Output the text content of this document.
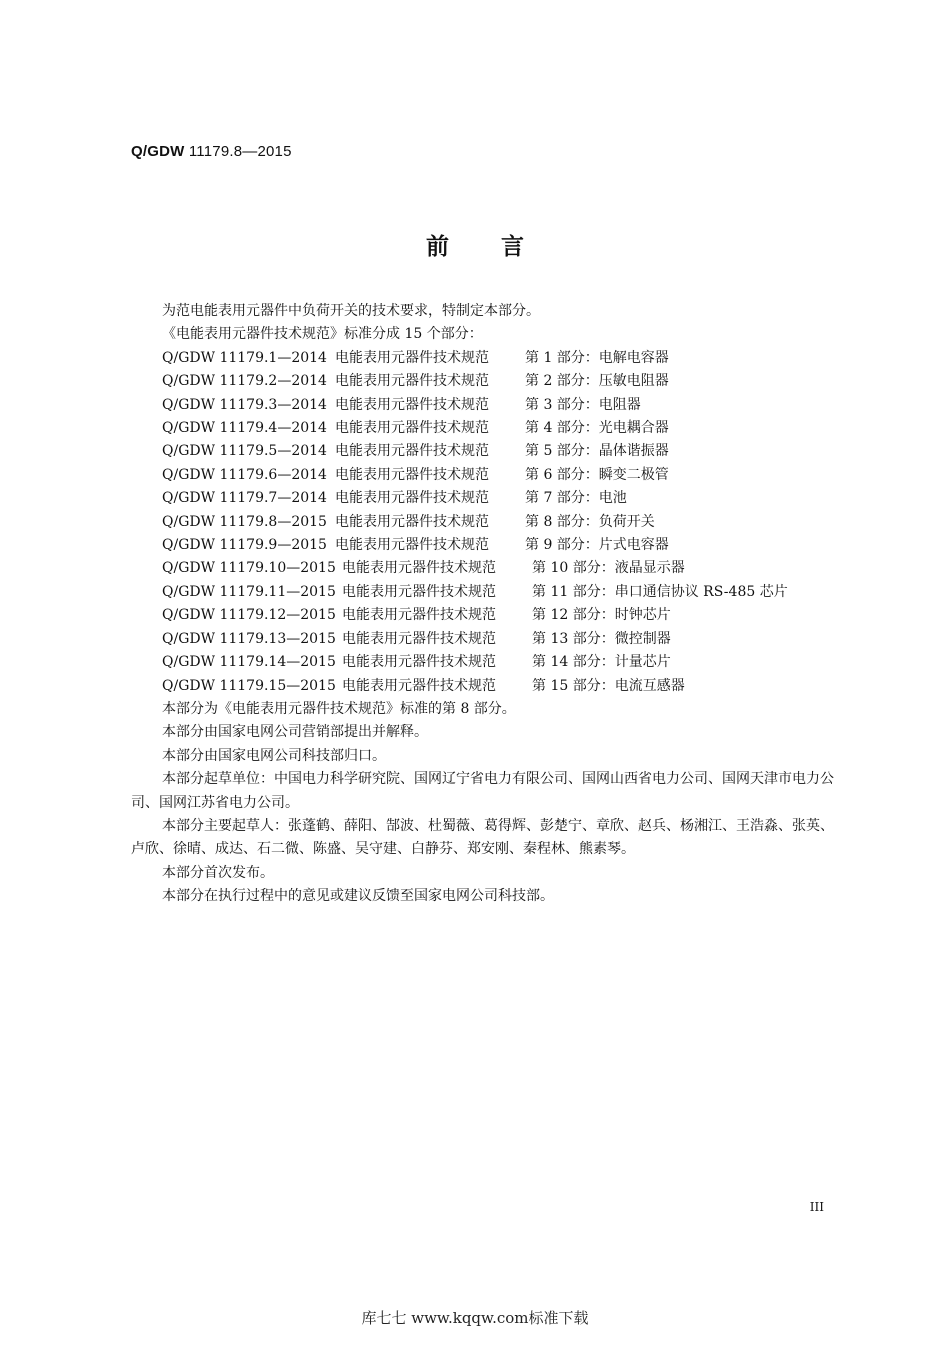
Q/GDW 11179.8—2015
前言

为范电能表用元器件中负荷开关的技术要求，特制定本部分。

《电能表用元器件技术规范》标准分成 15 个部分：

Q/GDW 11179.1—2014 电能表用元器件技术规范	第 1 部分：电解电容器
Q/GDW 11179.2—2014 电能表用元器件技术规范	第 2 部分：压敏电阻器
Q/GDW 11179.3—2014 电能表用元器件技术规范	第 3 部分：电阻器
Q/GDW 11179.4—2014 电能表用元器件技术规范	第 4 部分：光电耦合器
Q/GDW 11179.5—2014 电能表用元器件技术规范	第 5 部分：晶体谐振器
Q/GDW 11179.6—2014 电能表用元器件技术规范	第 6 部分：瞬变二极管
Q/GDW 11179.7—2014 电能表用元器件技术规范	第 7 部分：电池
Q/GDW 11179.8—2015 电能表用元器件技术规范	第 8 部分：负荷开关
Q/GDW 11179.9—2015 电能表用元器件技术规范	第 9 部分：片式电容器
Q/GDW 11179.10—2015 电能表用元器件技术规范	第 10 部分：液晶显示器
Q/GDW 11179.11—2015 电能表用元器件技术规范	第 11 部分：串口通信协议 RS-485 芯片
Q/GDW 11179.12—2015 电能表用元器件技术规范	第 12 部分：时钟芯片
Q/GDW 11179.13—2015 电能表用元器件技术规范	第 13 部分：微控制器
Q/GDW 11179.14—2015 电能表用元器件技术规范	第 14 部分：计量芯片
Q/GDW 11179.15—2015 电能表用元器件技术规范	第 15 部分：电流互感器

本部分为《电能表用元器件技术规范》标准的第 8 部分。

本部分由国家电网公司营销部提出并解释。

本部分由国家电网公司科技部归口。

本部分起草单位：中国电力科学研究院、国网辽宁省电力有限公司、国网山西省电力公司、国网天津市电力公司、国网江苏省电力公司。

本部分主要起草人：张蓬鹤、薛阳、郜波、杜蜀薇、葛得辉、彭楚宁、章欣、赵兵、杨湘江、王浩淼、张英、卢欣、徐晴、成达、石二微、陈盛、吴守建、白静芬、郑安刚、秦程林、熊素琴。

本部分首次发布。

本部分在执行过程中的意见或建议反馈至国家电网公司科技部。

III
库七七 www.kqqw.com标准下载
